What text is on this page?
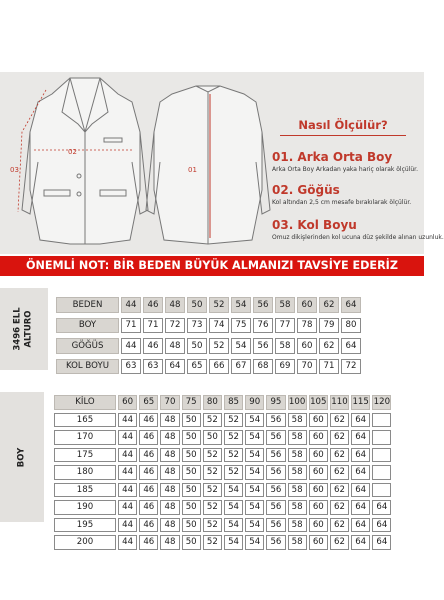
02
03	01
Nasıl Ölçülür?
01. Arka Orta Boy
Arka Orta Boy Arkadan yaka hariç olarak ölçülür.
02. Göğüs
Kol altından 2,5 cm mesafe bırakılarak ölçülür.
03. Kol Boyu
Omuz dikişlerinden kol ucuna düz şekilde alınan uzunluk.
ÖNEMLİ NOT: BİR BEDEN BÜYÜK ALMANIZI TAVSİYE EDERİZ
3496 ELL ALTURO
BEDEN	44	46	48	50	52	54	56	58	60	62	64
BOY	71	71	72	73	74	75	76	77	78	79	80
GÖĞÜS	44	46	48	50	52	54	56	58	60	62	64
KOL BOYU	63	63	64	65	66	67	68	69	70	71	72
BOY
KİLO	60	65	70	75	80	85	90	95	100	105	110	115	120
165	44	46	48	50	52	52	54	56	58	60	62	64	
170	44	46	48	50	50	52	54	56	58	60	62	64	
175	44	46	48	50	52	52	54	56	58	60	62	64	
180	44	46	48	50	52	52	54	56	58	60	62	64	
185	44	46	48	50	52	54	54	56	58	60	62	64	
190	44	46	48	50	52	54	54	56	58	60	62	64	64
195	44	46	48	50	52	54	54	56	58	60	62	64	64
200	44	46	48	50	52	54	54	56	58	60	62	64	64
